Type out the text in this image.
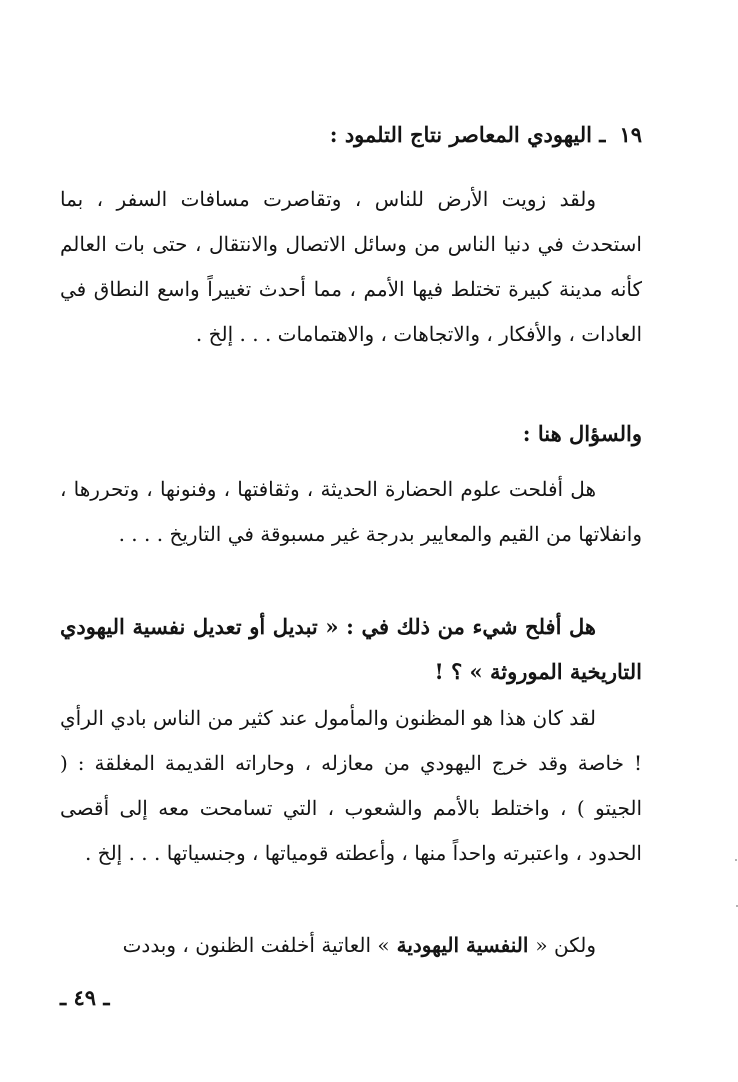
١٩ـ اليهودي المعاصر نتاج التلمود :
ولقد زويت الأرض للناس ، وتقاصرت مسافات السفر ، بما استحدث في دنيا الناس من وسائل الاتصال والانتقال ، حتى بات العالم كأنه مدينة كبيرة تختلط فيها الأمم ، مما أحدث تغييراً واسع النطاق في العادات ، والأفكار ، والاتجاهات ، والاهتمامات . . . إلخ .
والسؤال هنا :
هل أفلحت علوم الحضارة الحديثة ، وثقافتها ، وفنونها ، وتحررها ، وانفلاتها من القيم والمعايير بدرجة غير مسبوقة في التاريخ . . . .
هل أفلح شيء من ذلك في : « تبديل أو تعديل نفسية اليهودي التاريخية الموروثة » ؟ !
لقد كان هذا هو المظنون والمأمول عند كثير من الناس بادي الرأي ! خاصة وقد خرج اليهودي من معازله ، وحاراته القديمة المغلقة : ( الجيتو ) ، واختلط بالأمم والشعوب ، التي تسامحت معه إلى أقصى الحدود ، واعتبرته واحداً منها ، وأعطته قومياتها ، وجنسياتها . . . إلخ .
ولكن « النفسية اليهودية » العاتية أخلفت الظنون ، وبددت
ـ ٤٩ ـ
